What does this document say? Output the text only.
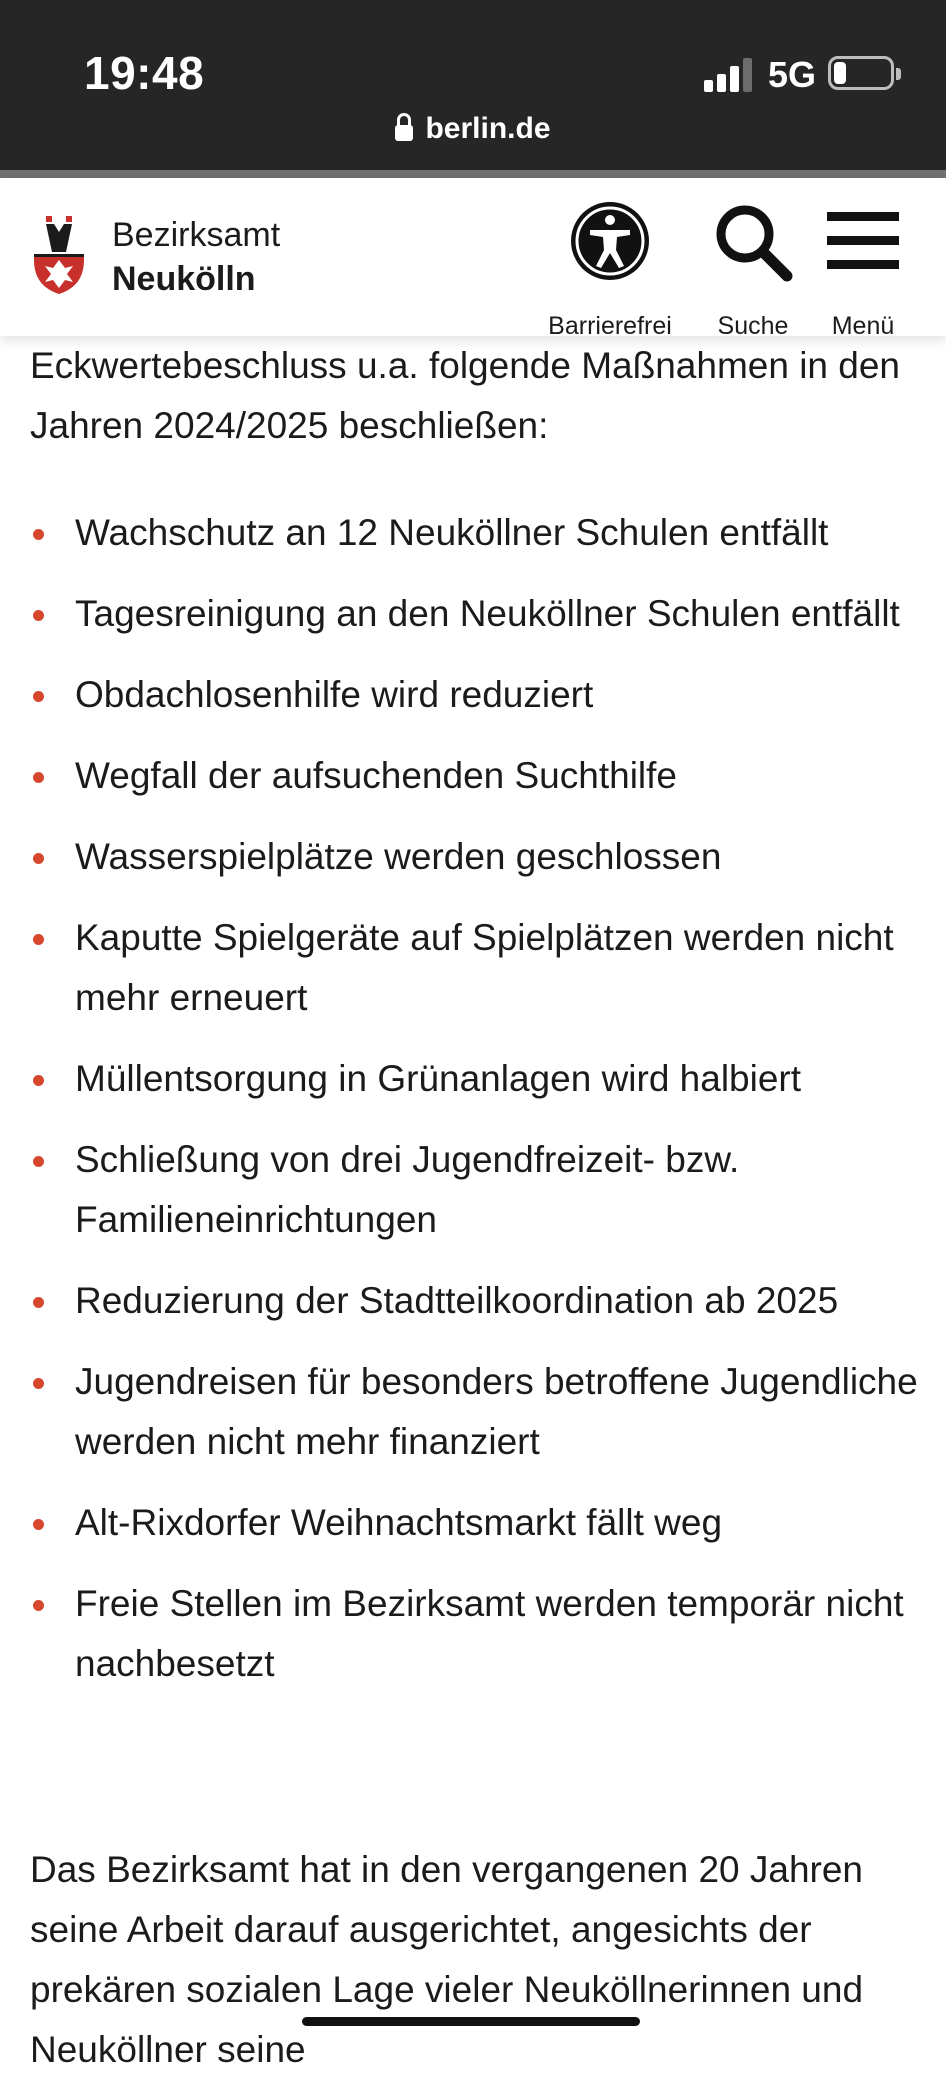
19:48	5G
berlin.de
Bezirksamt
Neukölln
Barrierefrei	Suche	Menü

Eckwertebeschluss u.a. folgende Maßnahmen in den Jahren 2024/2025 beschließen:

Wachschutz an 12 Neuköllner Schulen entfällt
Tagesreinigung an den Neuköllner Schulen entfällt
Obdachlosenhilfe wird reduziert
Wegfall der aufsuchenden Suchthilfe
Wasserspielplätze werden geschlossen
Kaputte Spielgeräte auf Spielplätzen werden nicht mehr erneuert
Müllentsorgung in Grünanlagen wird halbiert
Schließung von drei Jugendfreizeit- bzw. Familieneinrichtungen
Reduzierung der Stadtteilkoordination ab 2025
Jugendreisen für besonders betroffene Jugendliche werden nicht mehr finanziert
Alt-Rixdorfer Weihnachtsmarkt fällt weg
Freie Stellen im Bezirksamt werden temporär nicht nachbesetzt

Das Bezirksamt hat in den vergangenen 20 Jahren seine Arbeit darauf ausgerichtet, angesichts der prekären sozialen Lage vieler Neuköllnerinnen und Neuköllner seine
